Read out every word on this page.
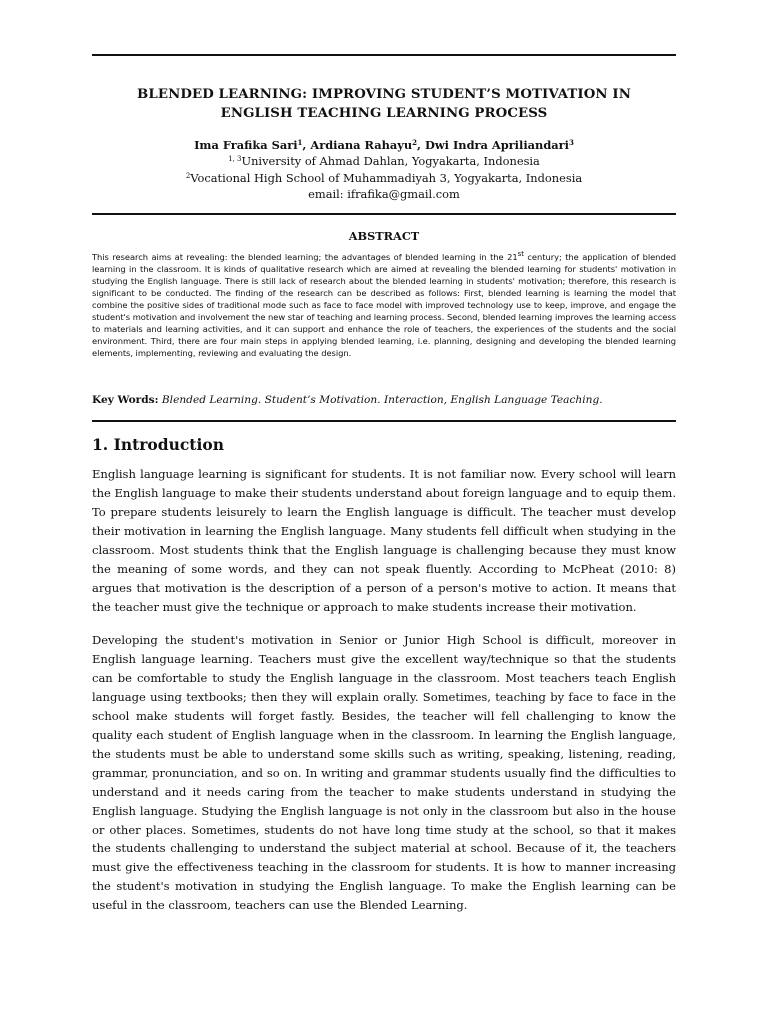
BLENDED LEARNING: IMPROVING STUDENT’S MOTIVATION IN
ENGLISH TEACHING LEARNING PROCESS
Ima Frafika Sari$^1$, Ardiana Rahayu$^2$, Dwi Indra Apriliandari$^3$
$^{1, 3}$University of Ahmad Dahlan, Yogyakarta, Indonesia
$^2$Vocational High School of Muhammadiyah 3, Yogyakarta, Indonesia
email: ifrafika@gmail.com
ABSTRACT
This research aims at revealing: the blended learning; the advantages of blended learning in the 21st century; the application of blended learning in the classroom. It is kinds of qualitative research which are aimed at revealing the blended learning for students' motivation in studying the English language. There is still lack of research about the blended learning in students' motivation; therefore, this research is significant to be conducted. The finding of the research can be described as follows: First, blended learning is learning the model that combine the positive sides of traditional mode such as face to face model with improved technology use to keep, improve, and engage the student's motivation and involvement the new star of teaching and learning process. Second, blended learning improves the learning access to materials and learning activities, and it can support and enhance the role of teachers, the experiences of the students and the social environment. Third, there are four main steps in applying blended learning, i.e. planning, designing and developing the blended learning elements, implementing, reviewing and evaluating the design.
Key Words: Blended Learning. Student’s Motivation. Interaction, English Language Teaching.
1. Introduction
English language learning is significant for students. It is not familiar now. Every school will learn the English language to make their students understand about foreign language and to equip them. To prepare students leisurely to learn the English language is difficult. The teacher must develop their motivation in learning the English language. Many students fell difficult when studying in the classroom. Most students think that the English language is challenging because they must know the meaning of some words, and they can not speak fluently. According to McPheat (2010: 8) argues that motivation is the description of a person of a person's motive to action. It means that the teacher must give the technique or approach to make students increase their motivation.
Developing the student's motivation in Senior or Junior High School is difficult, moreover in English language learning. Teachers must give the excellent way/technique so that the students can be comfortable to study the English language in the classroom. Most teachers teach English language using textbooks; then they will explain orally. Sometimes, teaching by face to face in the school make students will forget fastly. Besides, the teacher will fell challenging to know the quality each student of English language when in the classroom. In learning the English language, the students must be able to understand some skills such as writing, speaking, listening, reading, grammar, pronunciation, and so on. In writing and grammar students usually find the difficulties to understand and it needs caring from the teacher to make students understand in studying the English language. Studying the English language is not only in the classroom but also in the house or other places. Sometimes, students do not have long time study at the school, so that it makes the students challenging to understand the subject material at school. Because of it, the teachers must give the effectiveness teaching in the classroom for students. It is how to manner increasing the student's motivation in studying the English language. To make the English learning can be useful in the classroom, teachers can use the Blended Learning.
